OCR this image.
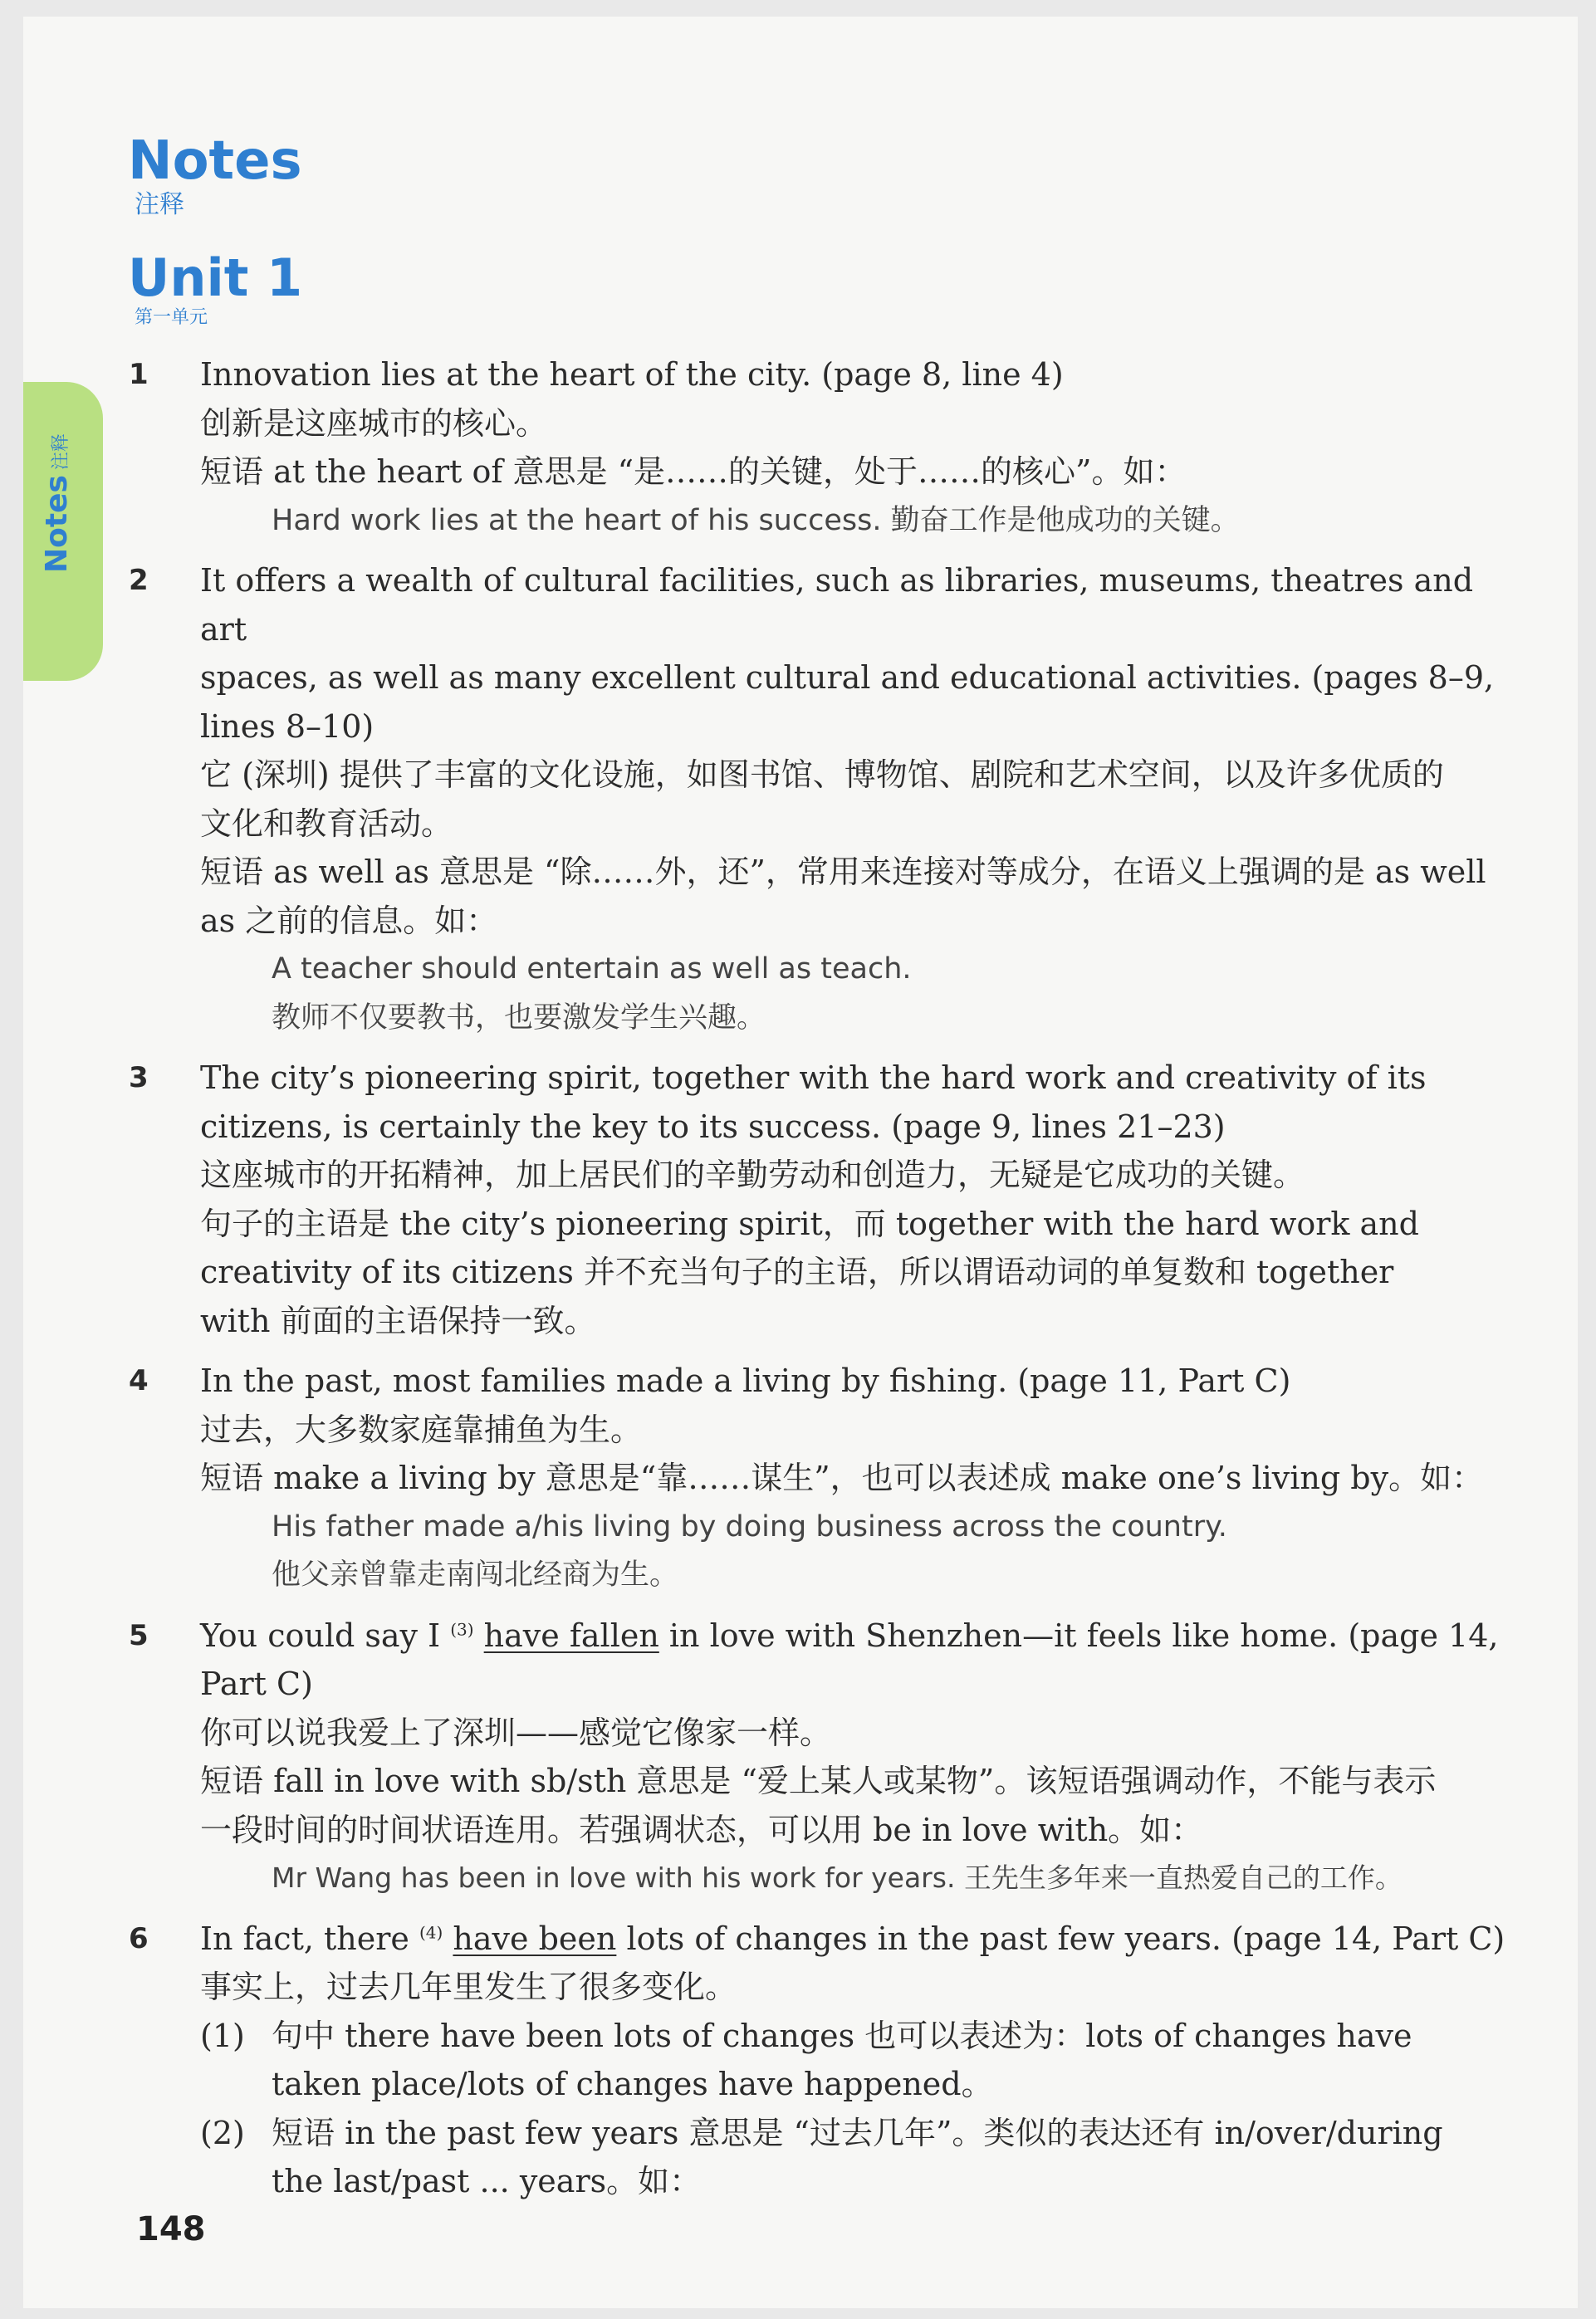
Notes注释
Notes
注释
Unit 1
第一单元
1 Innovation lies at the heart of the city. (page 8, line 4)
创新是这座城市的核心。
短语 at the heart of 意思是 “是……的关键，处于……的核心”。如：
Hard work lies at the heart of his success. 勤奋工作是他成功的关键。
2 It offers a wealth of cultural facilities, such as libraries, museums, theatres and art
spaces, as well as many excellent cultural and educational activities. (pages 8–9,
lines 8–10)
它 (深圳) 提供了丰富的文化设施，如图书馆、博物馆、剧院和艺术空间，以及许多优质的
文化和教育活动。
短语 as well as 意思是 “除……外，还”，常用来连接对等成分，在语义上强调的是 as well
as 之前的信息。如：
A teacher should entertain as well as teach.
教师不仅要教书，也要激发学生兴趣。
3 The city’s pioneering spirit, together with the hard work and creativity of its
citizens, is certainly the key to its success. (page 9, lines 21–23)
这座城市的开拓精神，加上居民们的辛勤劳动和创造力，无疑是它成功的关键。
句子的主语是 the city’s pioneering spirit，而 together with the hard work and
creativity of its citizens 并不充当句子的主语，所以谓语动词的单复数和 together
with 前面的主语保持一致。
4 In the past, most families made a living by fishing. (page 11, Part C)
过去，大多数家庭靠捕鱼为生。
短语 make a living by 意思是“靠……谋生”，也可以表述成 make one’s living by。如：
His father made a/his living by doing business across the country.
他父亲曾靠走南闯北经商为生。
5 You could say I $^{(3)}$ have fallen in love with Shenzhen—it feels like home. (page 14,
Part C)
你可以说我爱上了深圳——感觉它像家一样。
短语 fall in love with sb/sth 意思是 “爱上某人或某物”。该短语强调动作，不能与表示
一段时间的时间状语连用。若强调状态，可以用 be in love with。如：
Mr Wang has been in love with his work for years. 王先生多年来一直热爱自己的工作。
6 In fact, there $^{(4)}$ have been lots of changes in the past few years. (page 14, Part C)
事实上，过去几年里发生了很多变化。
(1) 句中 there have been lots of changes 也可以表述为：lots of changes have
taken place/lots of changes have happened。
(2) 短语 in the past few years 意思是 “过去几年”。类似的表达还有 in/over/during
the last/past ... years。如：
148
